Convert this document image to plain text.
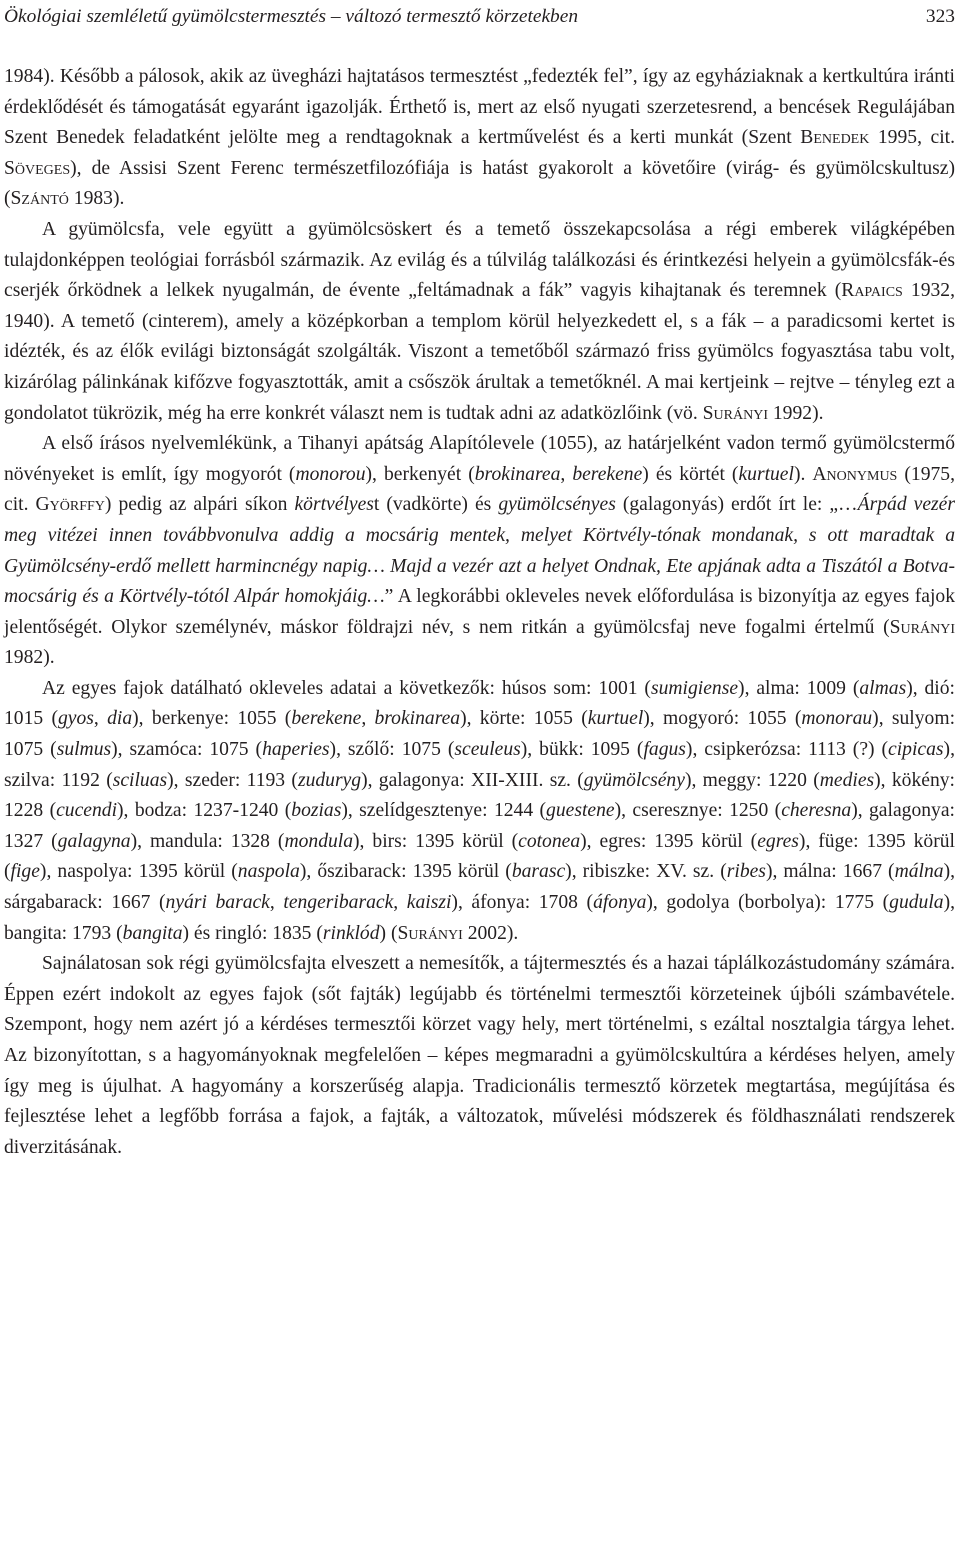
Ökológiai szemléletű gyümölcstermesztés – változó termesztő körzetekben	323

1984). Később a pálosok, akik az üvegházi hajtatásos termesztést „fedezték fel”, így az egyháziaknak a kertkultúra iránti érdeklődését és támogatását egyaránt igazolják. Érthető is, mert az első nyugati szerzetesrend, a bencések Regulájában Szent Benedek feladatként jelölte meg a rendtagoknak a kertművelést és a kerti munkát (Szent Benedek 1995, cit. Söveges), de Assisi Szent Ferenc természetfilozófiája is hatást gyakorolt a követőire (virág- és gyümölcskultusz) (Szántó 1983).

A gyümölcsfa, vele együtt a gyümölcsöskert és a temető összekapcsolása a régi emberek világképében tulajdonképpen teológiai forrásból származik. Az evilág és a túlvilág találkozási és érintkezési helyein a gyümölcsfák-és cserjék őrködnek a lelkek nyugalmán, de évente „feltámadnak a fák” vagyis kihajtanak és teremnek (Rapaics 1932, 1940). A temető (cinterem), amely a középkorban a templom körül helyezkedett el, s a fák – a paradicsomi kertet is idézték, és az élők evilági biztonságát szolgálták. Viszont a temetőből származó friss gyümölcs fogyasztása tabu volt, kizárólag pálinkának kifőzve fogyasztották, amit a csőszök árultak a temetőknél. A mai kertjeink – rejtve – tényleg ezt a gondolatot tükrözik, még ha erre konkrét választ nem is tudtak adni az adatközlőink (vö. Surányi 1992).

A első írásos nyelvemlékünk, a Tihanyi apátság Alapítólevele (1055), az határjelként vadon termő gyümölcstermő növényeket is említ, így mogyorót (monorou), berkenyét (brokinarea, berekene) és körtét (kurtuel). Anonymus (1975, cit. Györffy) pedig az alpári síkon körtvélyest (vadkörte) és gyümölcsényes (galagonyás) erdőt írt le: „…Árpád vezér meg vitézei innen továbbvonulva addig a mocsárig mentek, melyet Körtvély-tónak mondanak, s ott maradtak a Gyümölcsény-erdő mellett harmincnégy napig… Majd a vezér azt a helyet Ondnak, Ete apjának adta a Tiszától a Botva-mocsárig és a Körtvély-tótól Alpár homokjáig…” A legkorábbi okleveles nevek előfordulása is bizonyítja az egyes fajok jelentőségét. Olykor személynév, máskor földrajzi név, s nem ritkán a gyümölcsfaj neve fogalmi értelmű (Surányi 1982).

Az egyes fajok datálható okleveles adatai a következők: húsos som: 1001 (sumigiense), alma: 1009 (almas), dió: 1015 (gyos, dia), berkenye: 1055 (berekene, brokinarea), körte: 1055 (kurtuel), mogyoró: 1055 (monorau), sulyom: 1075 (sulmus), szamóca: 1075 (haperies), szőlő: 1075 (sceuleus), bükk: 1095 (fagus), csipkerózsa: 1113 (?) (cipicas), szilva: 1192 (sciluas), szeder: 1193 (zuduryg), galagonya: XII-XIII. sz. (gyümölcsény), meggy: 1220 (medies), kökény: 1228 (cucendi), bodza: 1237-1240 (bozias), szelídgesztenye: 1244 (guestene), cseresznye: 1250 (cheresna), galagonya: 1327 (galagyna), mandula: 1328 (mondula), birs: 1395 körül (cotonea), egres: 1395 körül (egres), füge: 1395 körül (fige), naspolya: 1395 körül (naspola), őszibarack: 1395 körül (barasc), ribiszke: XV. sz. (ribes), málna: 1667 (málna), sárgabarack: 1667 (nyári barack, tengeribarack, kaiszi), áfonya: 1708 (áfonya), godolya (borbolya): 1775 (gudula), bangita: 1793 (bangita) és ringló: 1835 (rinklód) (Surányi 2002).

Sajnálatosan sok régi gyümölcsfajta elveszett a nemesítők, a tájtermesztés és a hazai táplálkozástudomány számára. Éppen ezért indokolt az egyes fajok (sőt fajták) legújabb és történelmi termesztői körzeteinek újbóli számbavétele. Szempont, hogy nem azért jó a kérdéses termesztői körzet vagy hely, mert történelmi, s ezáltal nosztalgia tárgya lehet. Az bizonyítottan, s a hagyományoknak megfelelően – képes megmaradni a gyümölcskultúra a kérdéses helyen, amely így meg is újulhat. A hagyomány a korszerűség alapja. Tradicionális termesztő körzetek megtartása, megújítása és fejlesztése lehet a legfőbb forrása a fajok, a fajták, a változatok, művelési módszerek és földhasználati rendszerek diverzitásának.
